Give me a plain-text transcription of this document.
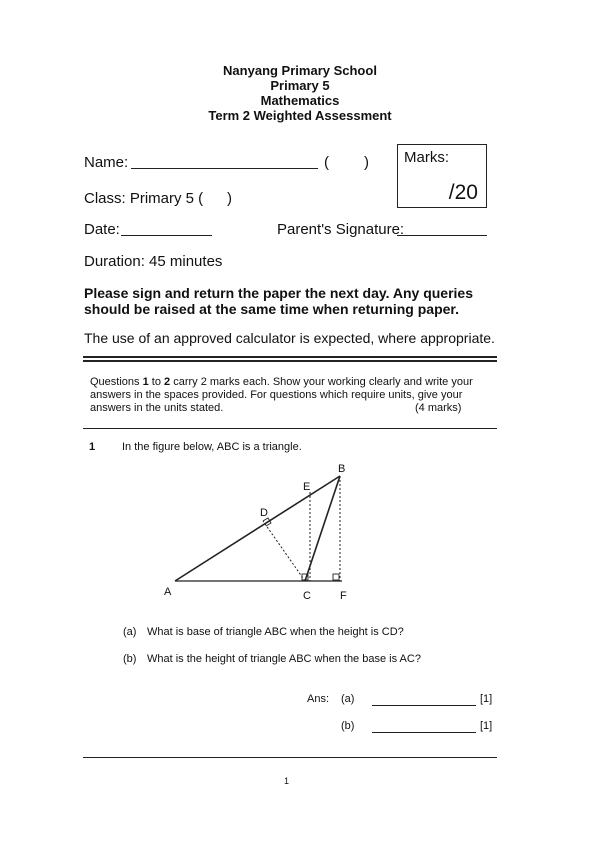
Nanyang Primary School
Primary 5
Mathematics
Term 2 Weighted Assessment
Name:	( ) Marks:
/20
Class: Primary 5 ( )
Date:	Parent's Signature:
Duration: 45 minutes
Please sign and return the paper the next day. Any queries
should be raised at the same time when returning paper.
The use of an approved calculator is expected, where appropriate.
Questions 1 to 2 carry 2 marks each. Show your working clearly and write your
answers in the spaces provided. For questions which require units, give your
answers in the units stated.	(4 marks)
1 In the figure below, ABC is a triangle.
A
B
C
D
E
F
(a) What is base of triangle ABC when the height is CD?
(b) What is the height of triangle ABC when the base is AC?
Ans: (a)	[1]
(b)	[1]
1
